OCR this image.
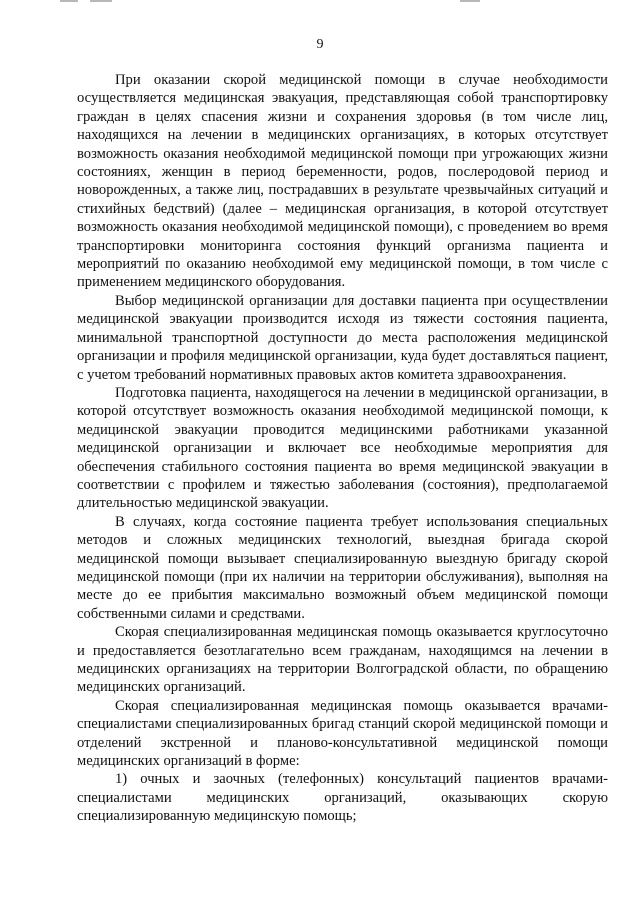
9

При оказании скорой медицинской помощи в случае необходимости осуществляется медицинская эвакуация, представляющая собой транспортировку граждан в целях спасения жизни и сохранения здоровья (в том числе лиц, находящихся на лечении в медицинских организациях, в которых отсутствует возможность оказания необходимой медицинской помощи при угрожающих жизни состояниях, женщин в период беременности, родов, послеродовой период и новорожденных, а также лиц, пострадавших в результате чрезвычайных ситуаций и стихийных бедствий) (далее – медицинская организация, в которой отсутствует возможность оказания необходимой медицинской помощи), с проведением во время транспортировки мониторинга состояния функций организма пациента и мероприятий по оказанию необходимой ему медицинской помощи, в том числе с применением медицинского оборудования.

Выбор медицинской организации для доставки пациента при осуществлении медицинской эвакуации производится исходя из тяжести состояния пациента, минимальной транспортной доступности до места расположения медицинской организации и профиля медицинской организации, куда будет доставляться пациент, с учетом требований нормативных правовых актов комитета здравоохранения.

Подготовка пациента, находящегося на лечении в медицинской организации, в которой отсутствует возможность оказания необходимой медицинской помощи, к медицинской эвакуации проводится медицинскими работниками указанной медицинской организации и включает все необходимые мероприятия для обеспечения стабильного состояния пациента во время медицинской эвакуации в соответствии с профилем и тяжестью заболевания (состояния), предполагаемой длительностью медицинской эвакуации.

В случаях, когда состояние пациента требует использования специальных методов и сложных медицинских технологий, выездная бригада скорой медицинской помощи вызывает специализированную выездную бригаду скорой медицинской помощи (при их наличии на территории обслуживания), выполняя на месте до ее прибытия максимально возможный объем медицинской помощи собственными силами и средствами.

Скорая специализированная медицинская помощь оказывается круглосуточно и предоставляется безотлагательно всем гражданам, находящимся на лечении в медицинских организациях на территории Волгоградской области, по обращению медицинских организаций.

Скорая специализированная медицинская помощь оказывается врачами-специалистами специализированных бригад станций скорой медицинской помощи и отделений экстренной и планово-консультативной медицинской помощи медицинских организаций в форме:

1) очных и заочных (телефонных) консультаций пациентов врачами-специалистами медицинских организаций, оказывающих скорую специализированную медицинскую помощь;
